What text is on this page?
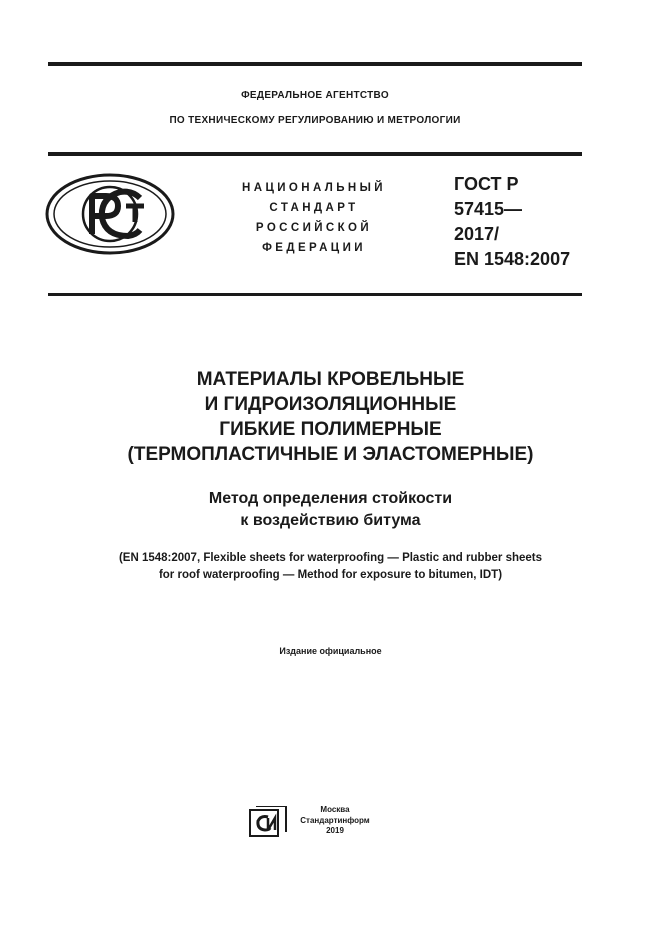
ФЕДЕРАЛЬНОЕ АГЕНТСТВО
ПО ТЕХНИЧЕСКОМУ РЕГУЛИРОВАНИЮ И МЕТРОЛОГИИ
НАЦИОНАЛЬНЫЙ
СТАНДАРТ
РОССИЙСКОЙ
ФЕДЕРАЦИИ
ГОСТ Р
57415—
2017/
EN 1548:2007
МАТЕРИАЛЫ КРОВЕЛЬНЫЕ
И ГИДРОИЗОЛЯЦИОННЫЕ
ГИБКИЕ ПОЛИМЕРНЫЕ
(ТЕРМОПЛАСТИЧНЫЕ И ЭЛАСТОМЕРНЫЕ)
Метод определения стойкости
к воздействию битума
(EN 1548:2007, Flexible sheets for waterproofing — Plastic and rubber sheets
for roof waterproofing — Method for exposure to bitumen, IDT)
Издание официальное
Москва
Стандартинформ
2019
